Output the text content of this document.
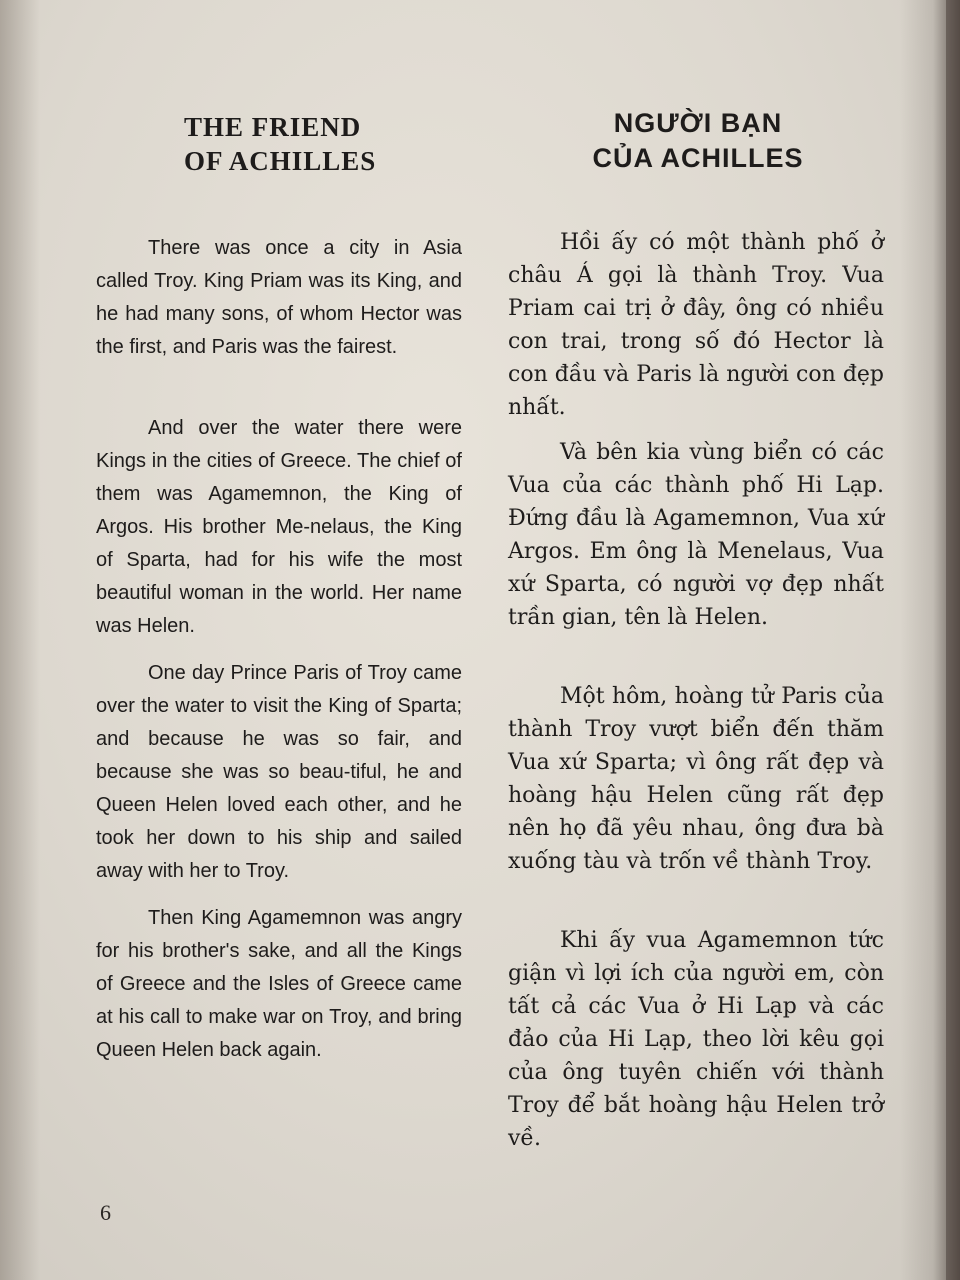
THE FRIEND
OF ACHILLES

There was once a city in Asia called Troy. King Priam was its King, and he had many sons, of whom Hector was the first, and Paris was the fairest.

And over the water there were Kings in the cities of Greece. The chief of them was Agamemnon, the King of Argos. His brother Me-nelaus, the King of Sparta, had for his wife the most beautiful woman in the world. Her name was Helen.

One day Prince Paris of Troy came over the water to visit the King of Sparta; and because he was so fair, and because she was so beau-tiful, he and Queen Helen loved each other, and he took her down to his ship and sailed away with her to Troy.

Then King Agamemnon was angry for his brother's sake, and all the Kings of Greece and the Isles of Greece came at his call to make war on Troy, and bring Queen Helen back again.

NGƯỜI BẠN
CỦA ACHILLES

Hồi ấy có một thành phố ở châu Á gọi là thành Troy. Vua Priam cai trị ở đây, ông có nhiều con trai, trong số đó Hector là con đầu và Paris là người con đẹp nhất.

Và bên kia vùng biển có các Vua của các thành phố Hi Lạp. Đứng đầu là Agamemnon, Vua xứ Argos. Em ông là Menelaus, Vua xứ Sparta, có người vợ đẹp nhất trần gian, tên là Helen.

Một hôm, hoàng tử Paris của thành Troy vượt biển đến thăm Vua xứ Sparta; vì ông rất đẹp và hoàng hậu Helen cũng rất đẹp nên họ đã yêu nhau, ông đưa bà xuống tàu và trốn về thành Troy.

Khi ấy vua Agamemnon tức giận vì lợi ích của người em, còn tất cả các Vua ở Hi Lạp và các đảo của Hi Lạp, theo lời kêu gọi của ông tuyên chiến với thành Troy để bắt hoàng hậu Helen trở về.

6
